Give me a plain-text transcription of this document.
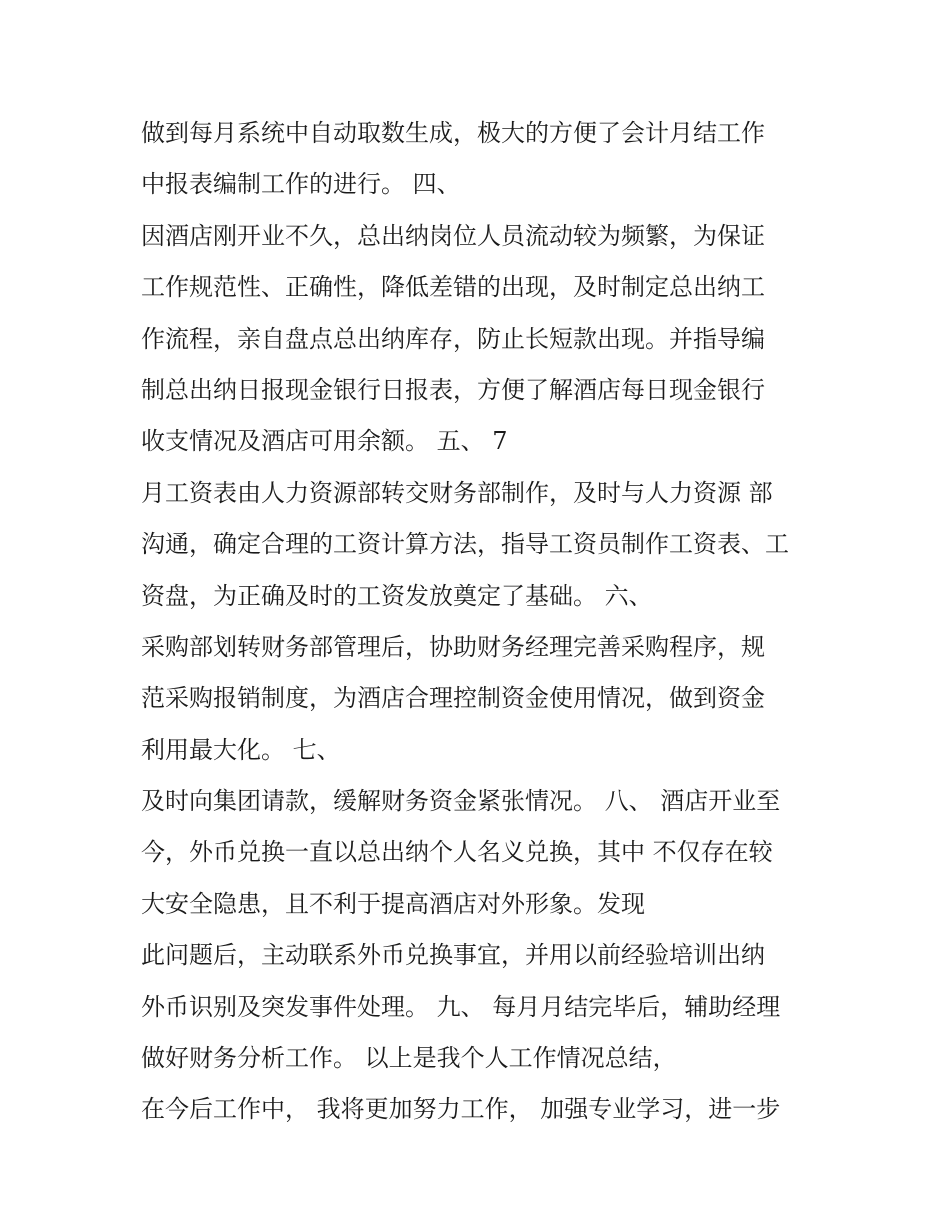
做到每月系统中自动取数生成，极大的方便了会计月结工作
中报表编制工作的进行。 四、
因酒店刚开业不久，总出纳岗位人员流动较为频繁，为保证
工作规范性、正确性，降低差错的出现，及时制定总出纳工
作流程，亲自盘点总出纳库存，防止长短款出现。并指导编
制总出纳日报现金银行日报表，方便了解酒店每日现金银行
收支情况及酒店可用余额。 五、 7
月工资表由人力资源部转交财务部制作，及时与人力资源 部
沟通，确定合理的工资计算方法，指导工资员制作工资表、工
资盘，为正确及时的工资发放奠定了基础。 六、
采购部划转财务部管理后，协助财务经理完善采购程序，规
范采购报销制度，为酒店合理控制资金使用情况，做到资金
利用最大化。 七、
及时向集团请款，缓解财务资金紧张情况。 八、 酒店开业至
今，外币兑换一直以总出纳个人名义兑换，其中 不仅存在较
大安全隐患，且不利于提高酒店对外形象。发现
此问题后，主动联系外币兑换事宜，并用以前经验培训出纳
外币识别及突发事件处理。 九、 每月月结完毕后，辅助经理
做好财务分析工作。 以上是我个人工作情况总结，
在今后工作中， 我将更加努力工作， 加强专业学习，进一步
